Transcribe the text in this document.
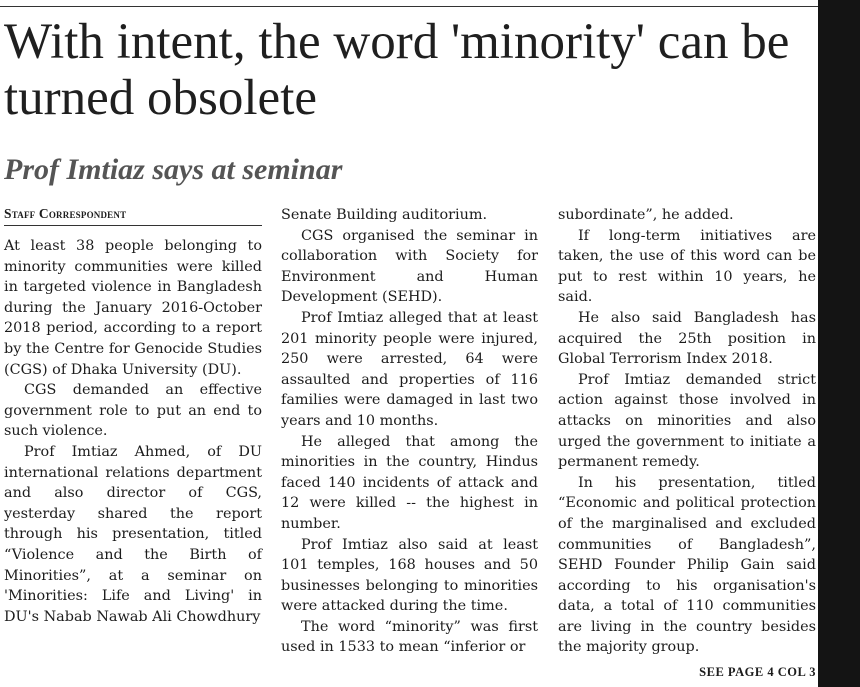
With intent, the word 'minority' can be turned obsolete
Prof Imtiaz says at seminar
Staff Correspondent

At least 38 people belonging to minority communities were killed in targeted violence in Bangladesh during the January 2016-October 2018 period, according to a report by the Centre for Genocide Studies (CGS) of Dhaka University (DU).

CGS demanded an effective government role to put an end to such violence.

Prof Imtiaz Ahmed, of DU international relations department and also director of CGS, yesterday shared the report through his presentation, titled “Violence and the Birth of Minorities”, at a seminar on 'Minorities: Life and Living' in DU's Nabab Nawab Ali Chowdhury

Senate Building auditorium.

CGS organised the seminar in collaboration with Society for Environment and Human Development (SEHD).

Prof Imtiaz alleged that at least 201 minority people were injured, 250 were arrested, 64 were assaulted and properties of 116 families were damaged in last two years and 10 months.

He alleged that among the minorities in the country, Hindus faced 140 incidents of attack and 12 were killed -- the highest in number.

Prof Imtiaz also said at least 101 temples, 168 houses and 50 businesses belonging to minorities were attacked during the time.

The word “minority” was first used in 1533 to mean “inferior or

subordinate”, he added.

If long-term initiatives are taken, the use of this word can be put to rest within 10 years, he said.

He also said Bangladesh has acquired the 25th position in Global Terrorism Index 2018.

Prof Imtiaz demanded strict action against those involved in attacks on minorities and also urged the government to initiate a permanent remedy.

In his presentation, titled “Economic and political protection of the marginalised and excluded communities of Bangladesh”, SEHD Founder Philip Gain said according to his organisation's data, a total of 110 communities are living in the country besides the majority group.

SEE PAGE 4 COL 3
